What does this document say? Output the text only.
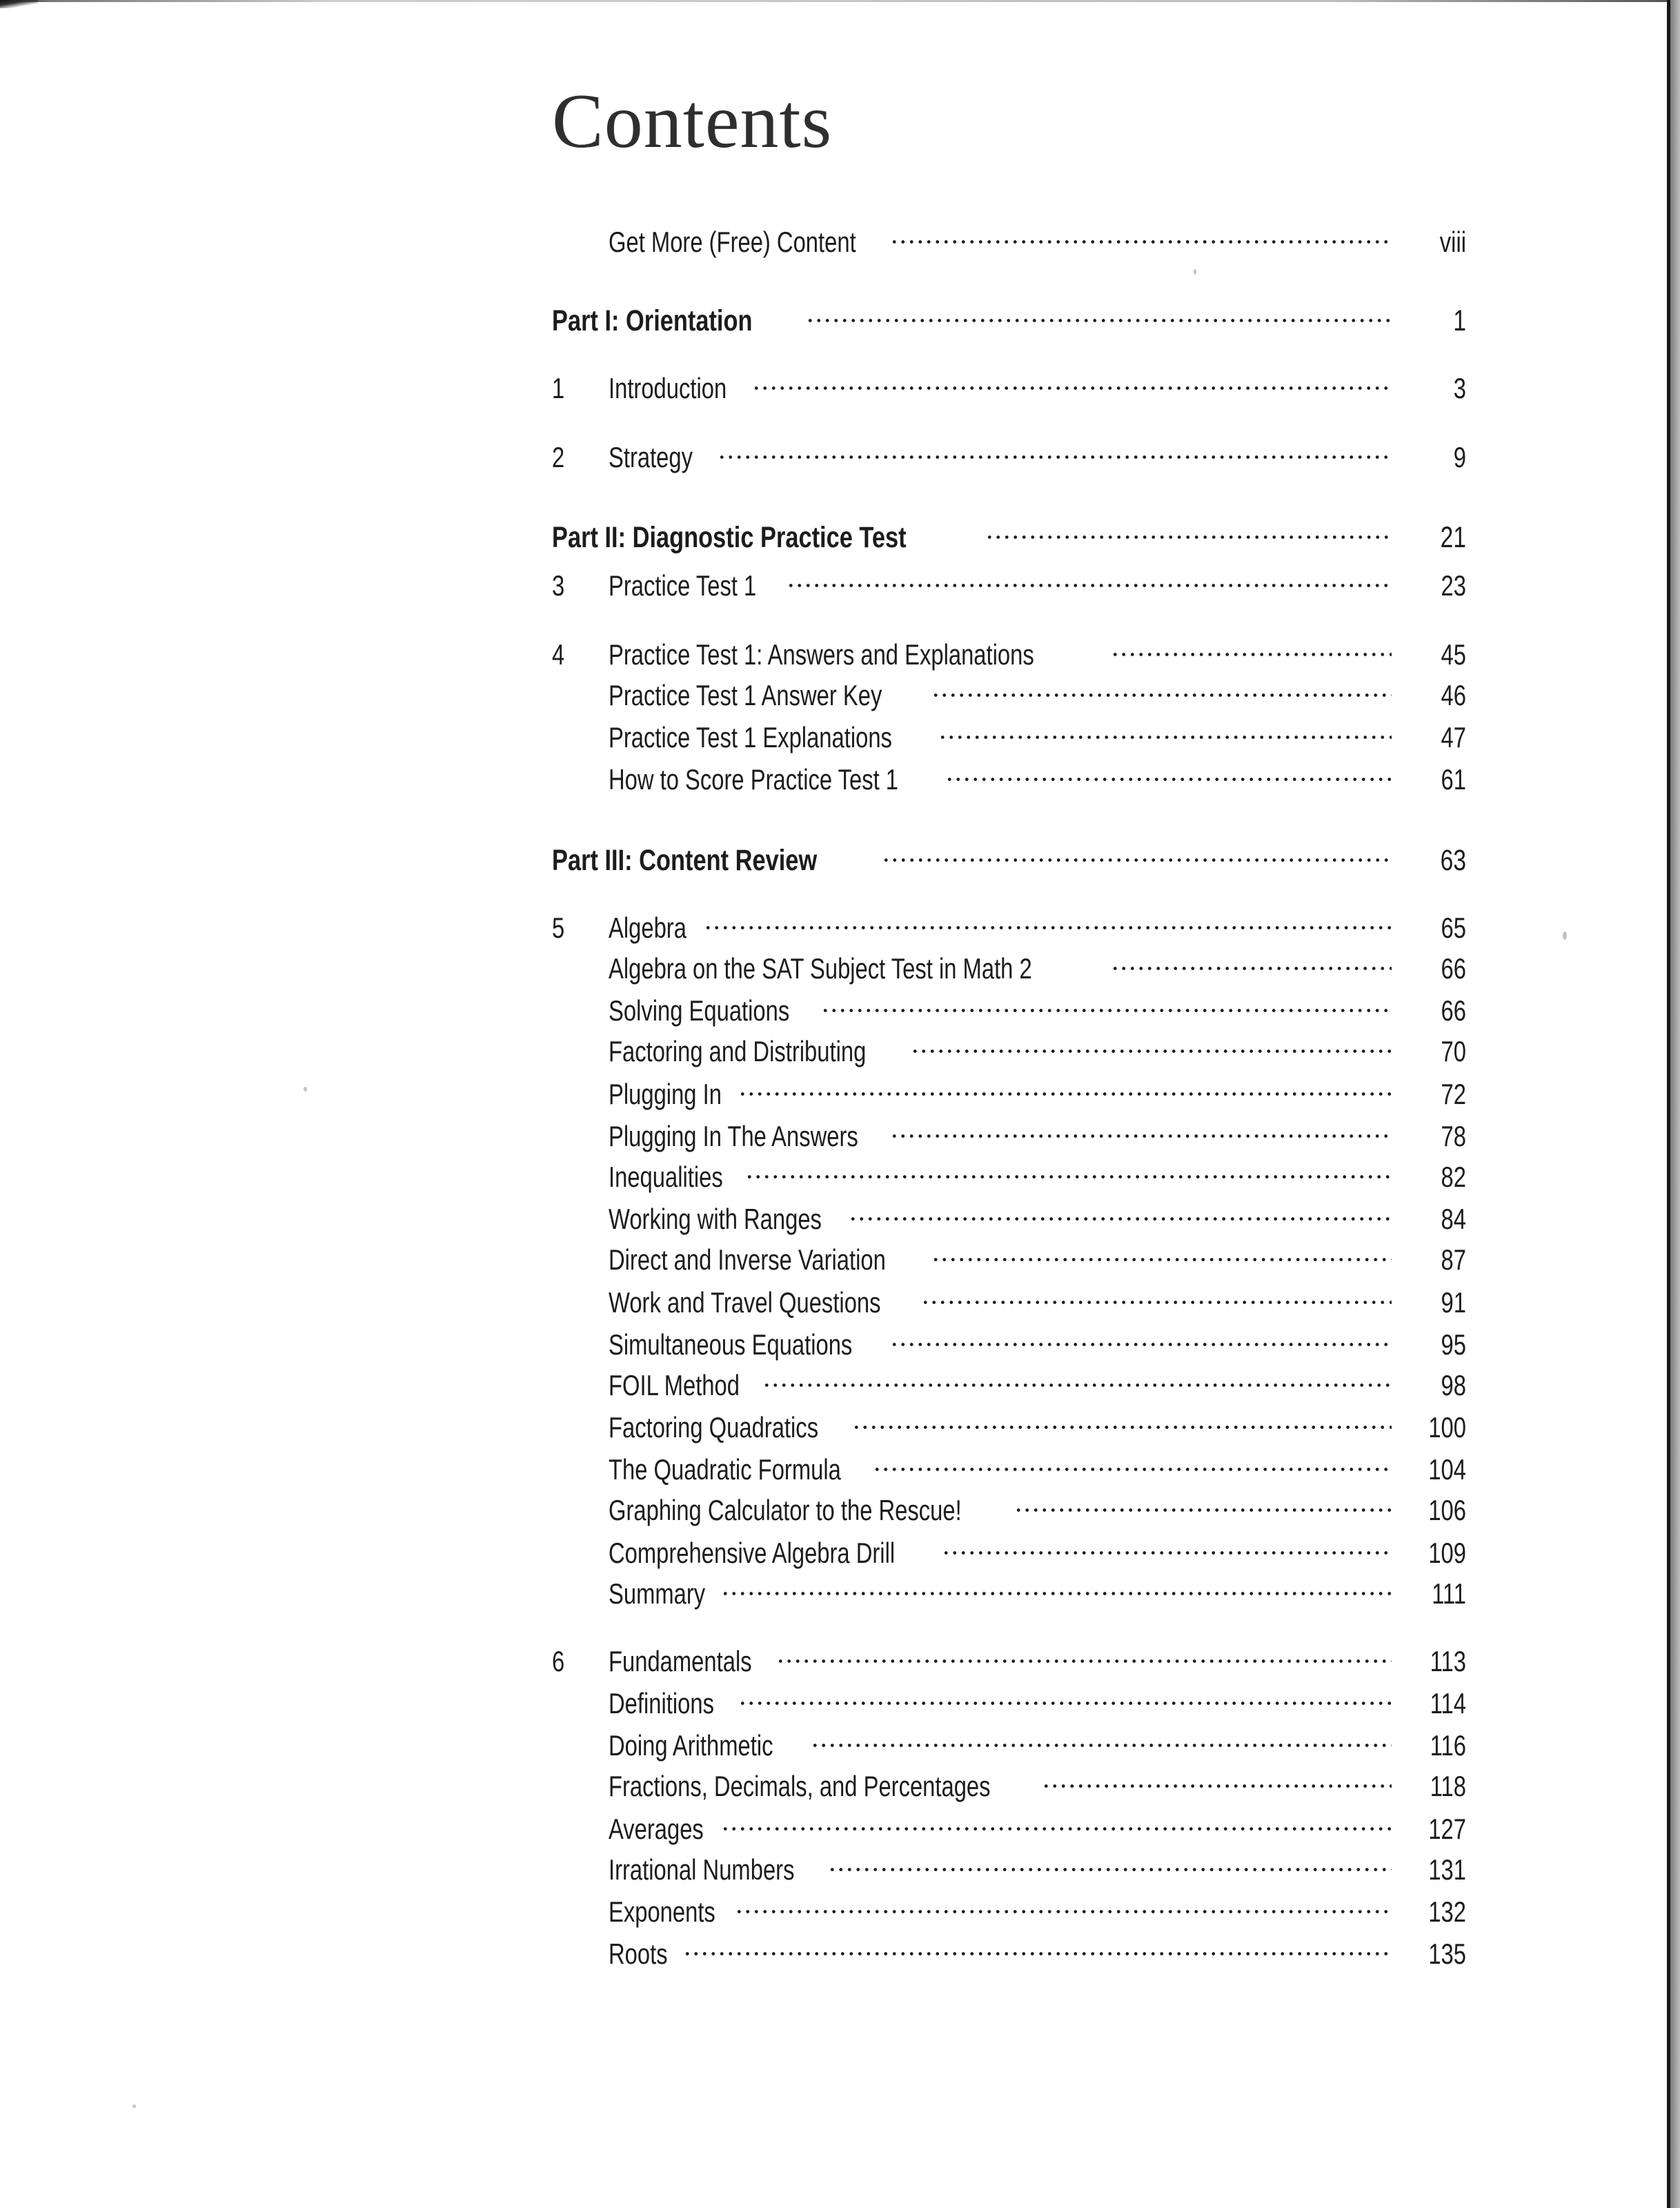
Contents
Get More (Free) Content	viii
Part I: Orientation	1
1	Introduction	3
2	Strategy	9
Part II: Diagnostic Practice Test	21
3	Practice Test 1	23
4	Practice Test 1: Answers and Explanations	45
Practice Test 1 Answer Key	46
Practice Test 1 Explanations	47
How to Score Practice Test 1	61
Part III: Content Review	63
5	Algebra	65
Algebra on the SAT Subject Test in Math 2	66
Solving Equations	66
Factoring and Distributing	70
Plugging In	72
Plugging In The Answers	78
Inequalities	82
Working with Ranges	84
Direct and Inverse Variation	87
Work and Travel Questions	91
Simultaneous Equations	95
FOIL Method	98
Factoring Quadratics	100
The Quadratic Formula	104
Graphing Calculator to the Rescue!	106
Comprehensive Algebra Drill	109
Summary	111
6	Fundamentals	113
Definitions	114
Doing Arithmetic	116
Fractions, Decimals, and Percentages	118
Averages	127
Irrational Numbers	131
Exponents	132
Roots	135
